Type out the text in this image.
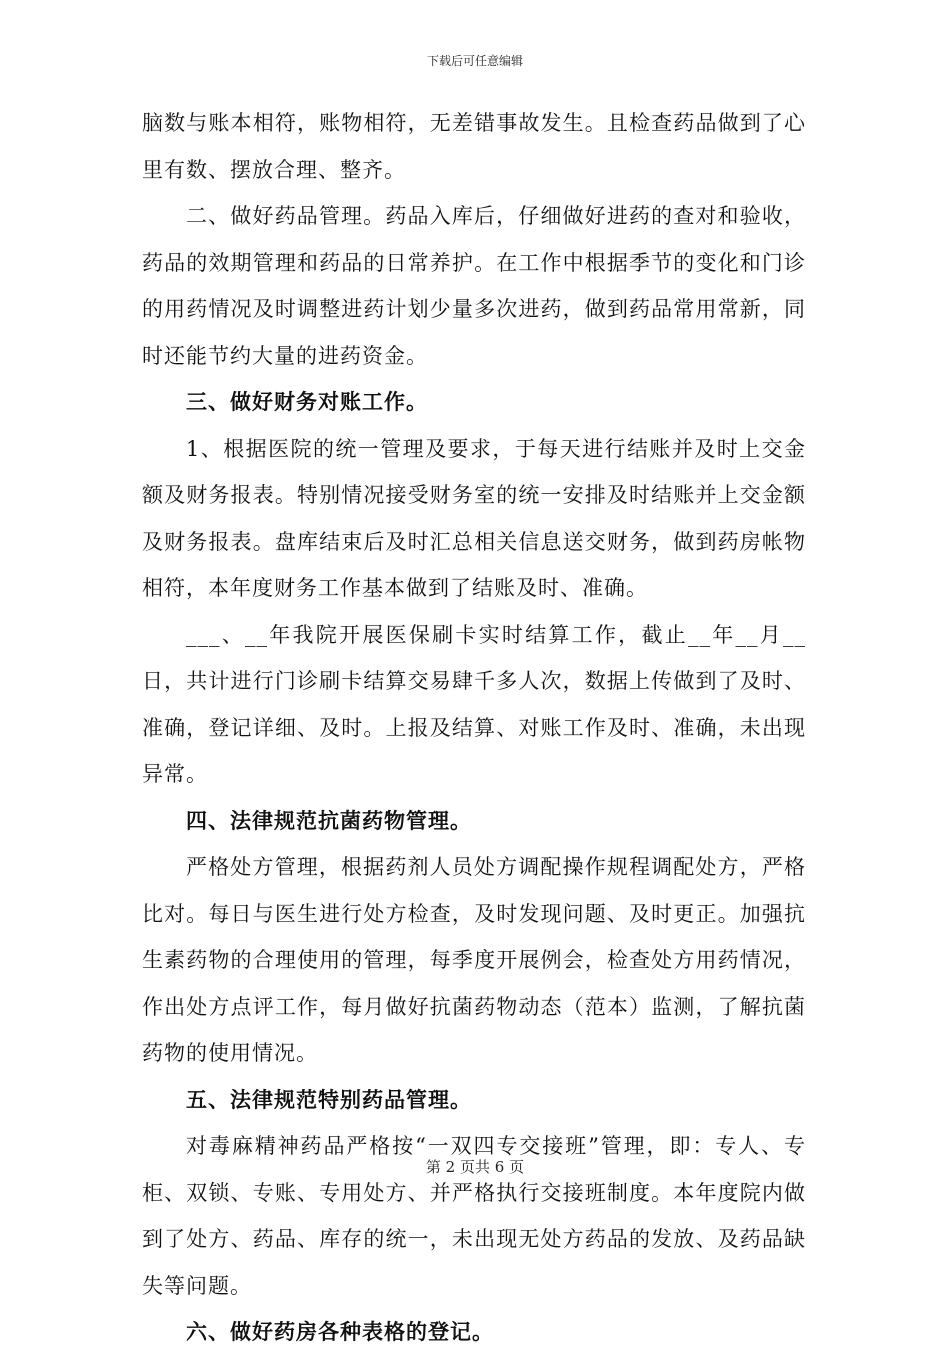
下载后可任意编辑

脑数与账本相符，账物相符，无差错事故发生。且检查药品做到了心里有数、摆放合理、整齐。

二、做好药品管理。药品入库后，仔细做好进药的查对和验收，药品的效期管理和药品的日常养护。在工作中根据季节的变化和门诊的用药情况及时调整进药计划少量多次进药，做到药品常用常新，同时还能节约大量的进药资金。

三、做好财务对账工作。

1、根据医院的统一管理及要求，于每天进行结账并及时上交金额及财务报表。特别情况接受财务室的统一安排及时结账并上交金额及财务报表。盘库结束后及时汇总相关信息送交财务，做到药房帐物相符，本年度财务工作基本做到了结账及时、准确。

___、__年我院开展医保刷卡实时结算工作，截止__年__月__日，共计进行门诊刷卡结算交易肆千多人次，数据上传做到了及时、准确，登记详细、及时。上报及结算、对账工作及时、准确，未出现异常。

四、法律规范抗菌药物管理。

严格处方管理，根据药剂人员处方调配操作规程调配处方，严格比对。每日与医生进行处方检查，及时发现问题、及时更正。加强抗生素药物的合理使用的管理，每季度开展例会，检查处方用药情况，作出处方点评工作，每月做好抗菌药物动态（范本）监测，了解抗菌药物的使用情况。

五、法律规范特别药品管理。

对毒麻精神药品严格按“一双四专交接班”管理，即：专人、专柜、双锁、专账、专用处方、并严格执行交接班制度。本年度院内做到了处方、药品、库存的统一，未出现无处方药品的发放、及药品缺失等问题。

六、做好药房各种表格的登记。

第 2 页共 6 页
